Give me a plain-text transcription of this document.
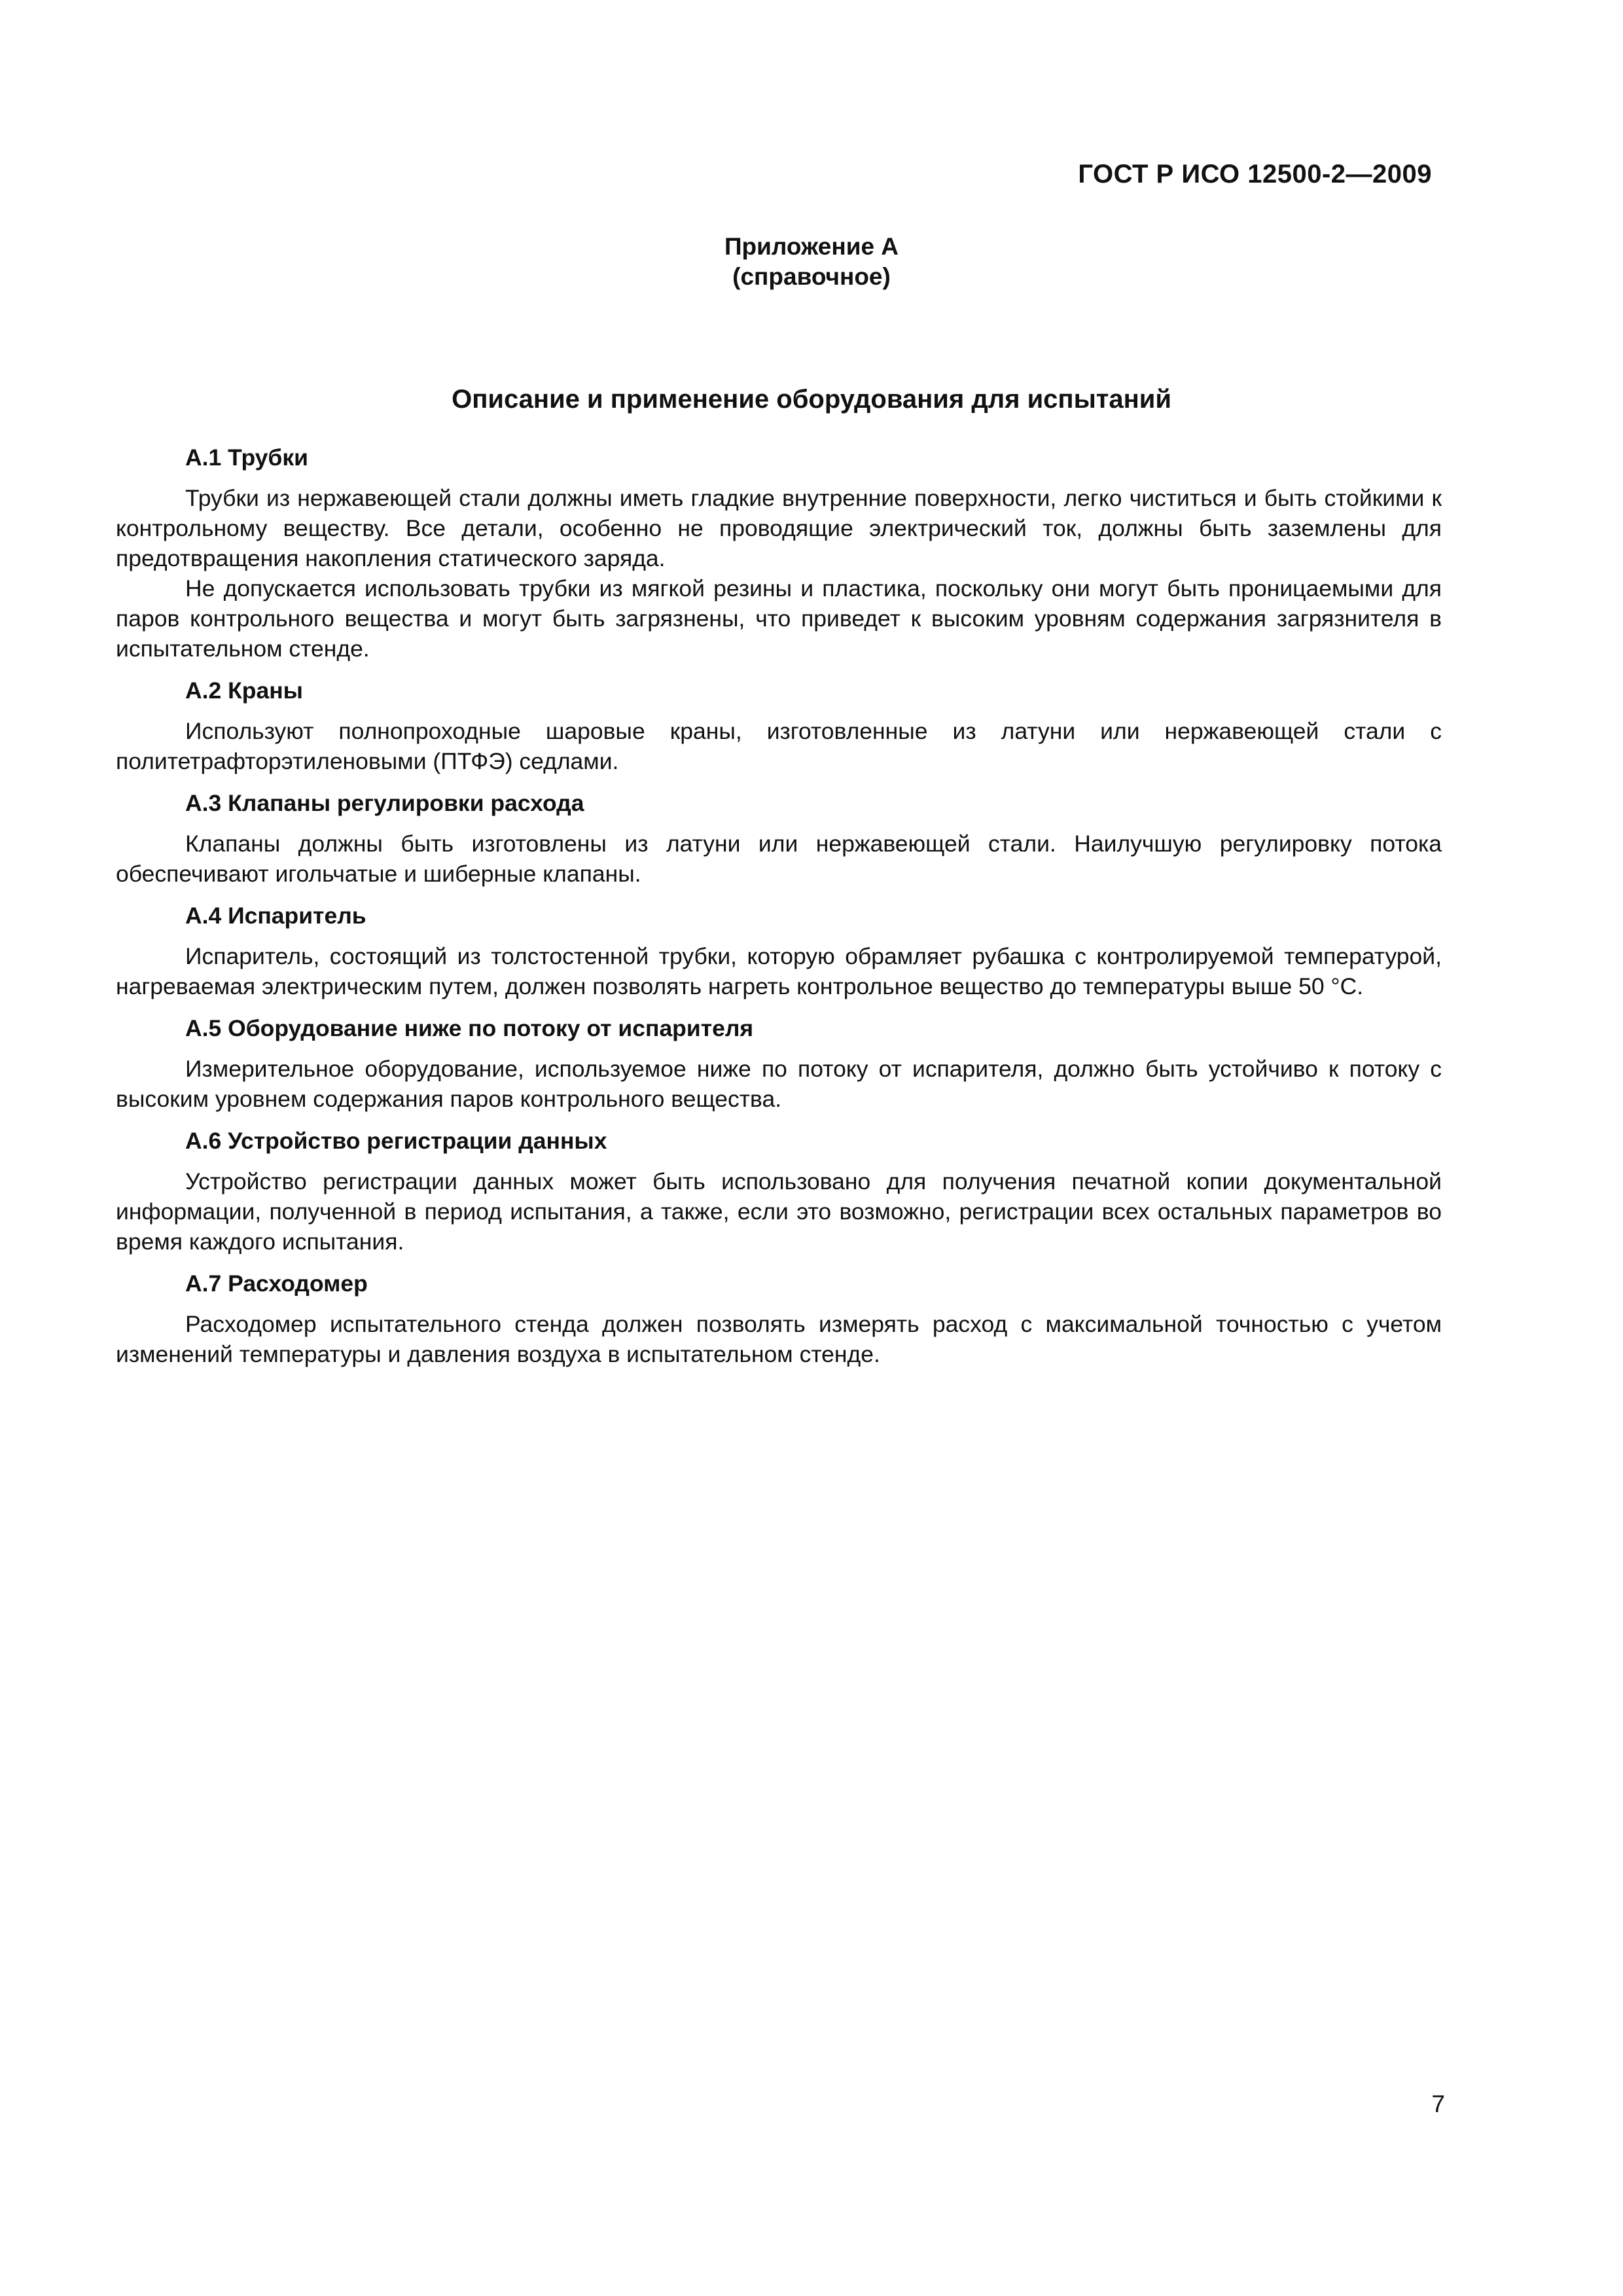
ГОСТ Р ИСО 12500-2—2009
Приложение А
(справочное)
Описание и применение оборудования для испытаний

А.1 Трубки

Трубки из нержавеющей стали должны иметь гладкие внутренние поверхности, легко чиститься и быть стойкими к контрольному веществу. Все детали, особенно не проводящие электрический ток, должны быть заземлены для предотвращения накопления статического заряда.

Не допускается использовать трубки из мягкой резины и пластика, поскольку они могут быть проницаемыми для паров контрольного вещества и могут быть загрязнены, что приведет к высоким уровням содержания загрязнителя в испытательном стенде.

А.2 Краны

Используют полнопроходные шаровые краны, изготовленные из латуни или нержавеющей стали с политетрафторэтиленовыми (ПТФЭ) седлами.

А.3 Клапаны регулировки расхода

Клапаны должны быть изготовлены из латуни или нержавеющей стали. Наилучшую регулировку потока обеспечивают игольчатые и шиберные клапаны.

А.4 Испаритель

Испаритель, состоящий из толстостенной трубки, которую обрамляет рубашка с контролируемой температурой, нагреваемая электрическим путем, должен позволять нагреть контрольное вещество до температуры выше 50 °С.

А.5 Оборудование ниже по потоку от испарителя

Измерительное оборудование, используемое ниже по потоку от испарителя, должно быть устойчиво к потоку с высоким уровнем содержания паров контрольного вещества.

А.6 Устройство регистрации данных

Устройство регистрации данных может быть использовано для получения печатной копии документальной информации, полученной в период испытания, а также, если это возможно, регистрации всех остальных параметров во время каждого испытания.

А.7 Расходомер

Расходомер испытательного стенда должен позволять измерять расход с максимальной точностью с учетом изменений температуры и давления воздуха в испытательном стенде.

7
